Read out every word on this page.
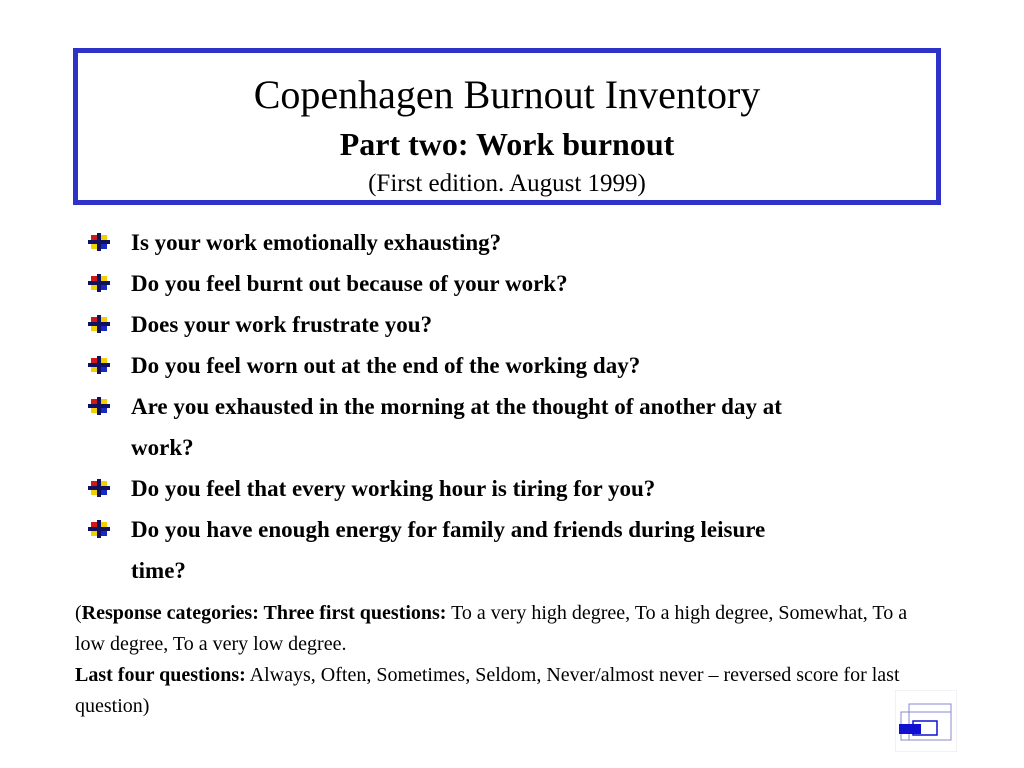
Copenhagen Burnout Inventory
Part two: Work burnout
(First edition. August 1999)
Is your work emotionally exhausting?
Do you feel burnt out because of your work?
Does your work frustrate you?
Do you feel worn out at the end of the working day?
Are you exhausted in the morning at the thought of another day at
work?
Do you feel that every working hour is tiring for you?
Do you have enough energy for family and friends during leisure
time?
(Response categories: Three first questions: To a very high degree, To a high degree, Somewhat, To a low degree, To a very low degree.
Last four questions: Always, Often, Sometimes, Seldom, Never/almost never – reversed score for last question)
